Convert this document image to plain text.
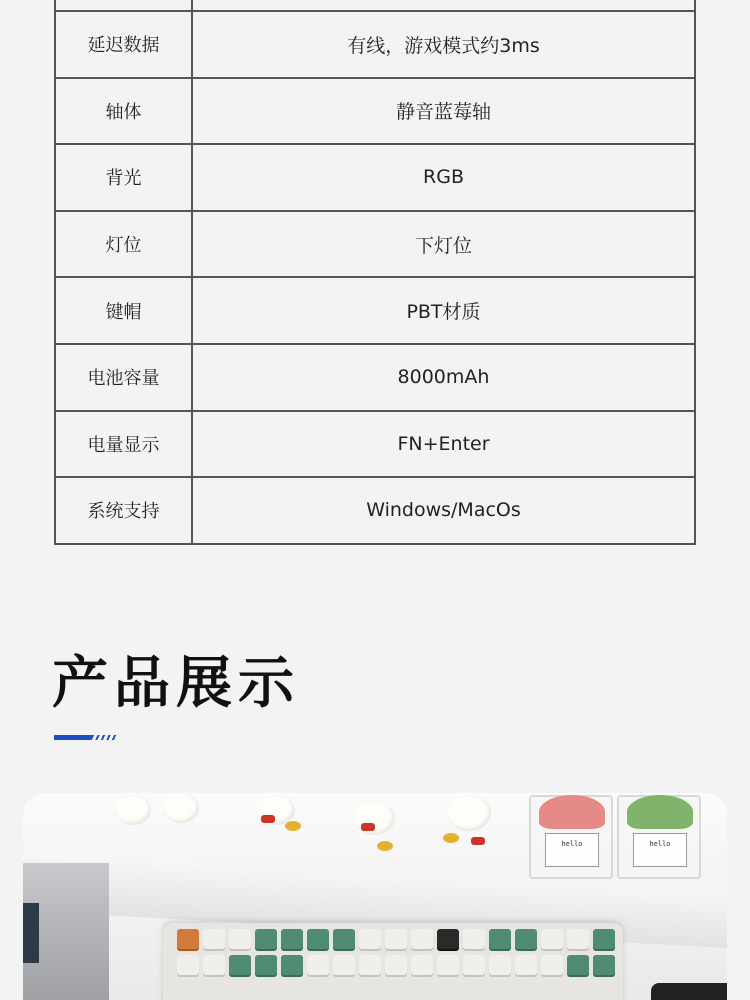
延迟数据	有线，游戏模式约3ms
轴体	静音蓝莓轴
背光	RGB
灯位	下灯位
键帽	PBT材质
电池容量	8000mAh
电量显示	FN+Enter
系统支持	Windows/MacOs
产品展示
hello	hello
